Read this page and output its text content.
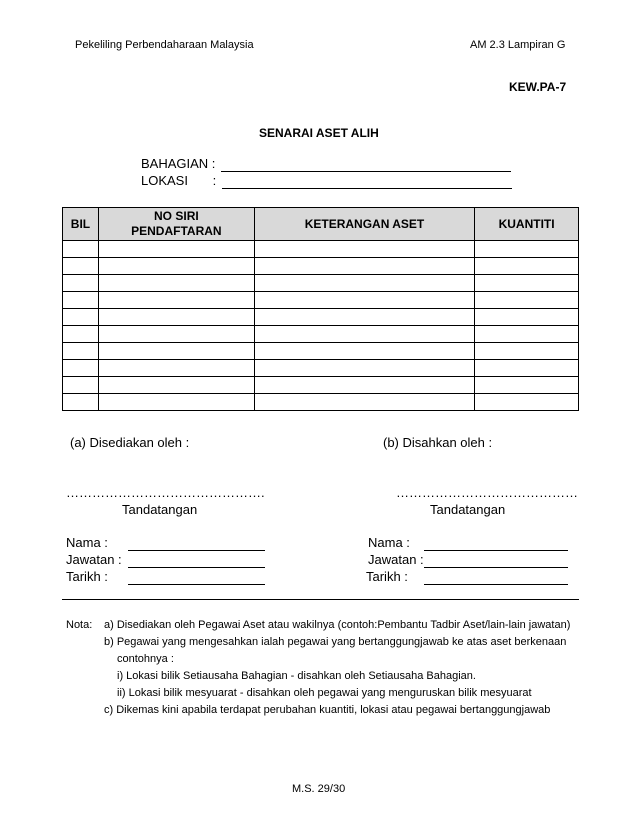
Pekeliling Perbendaharaan Malaysia	AM 2.3 Lampiran G
KEW.PA-7
SENARAI ASET ALIH
BAHAGIAN :
LOKASI :
BIL	NO SIRI PENDAFTARAN	KETERANGAN ASET	KUANTITI

(a) Disediakan oleh :
……………………………………….
Tandatangan
Nama :
Jawatan :
Tarikh :
(b) Disahkan oleh :
……………………………………
Tandatangan
Nama :
Jawatan :
Tarikh :
Nota: a) Disediakan oleh Pegawai Aset atau wakilnya (contoh:Pembantu Tadbir Aset/lain-lain jawatan)
b) Pegawai yang mengesahkan ialah pegawai yang bertanggungjawab ke atas aset berkenaan
contohnya :
i) Lokasi bilik Setiausaha Bahagian - disahkan oleh Setiausaha Bahagian.
ii) Lokasi bilik mesyuarat - disahkan oleh pegawai yang menguruskan bilik mesyuarat
c) Dikemas kini apabila terdapat perubahan kuantiti, lokasi atau pegawai bertanggungjawab
M.S. 29/30
